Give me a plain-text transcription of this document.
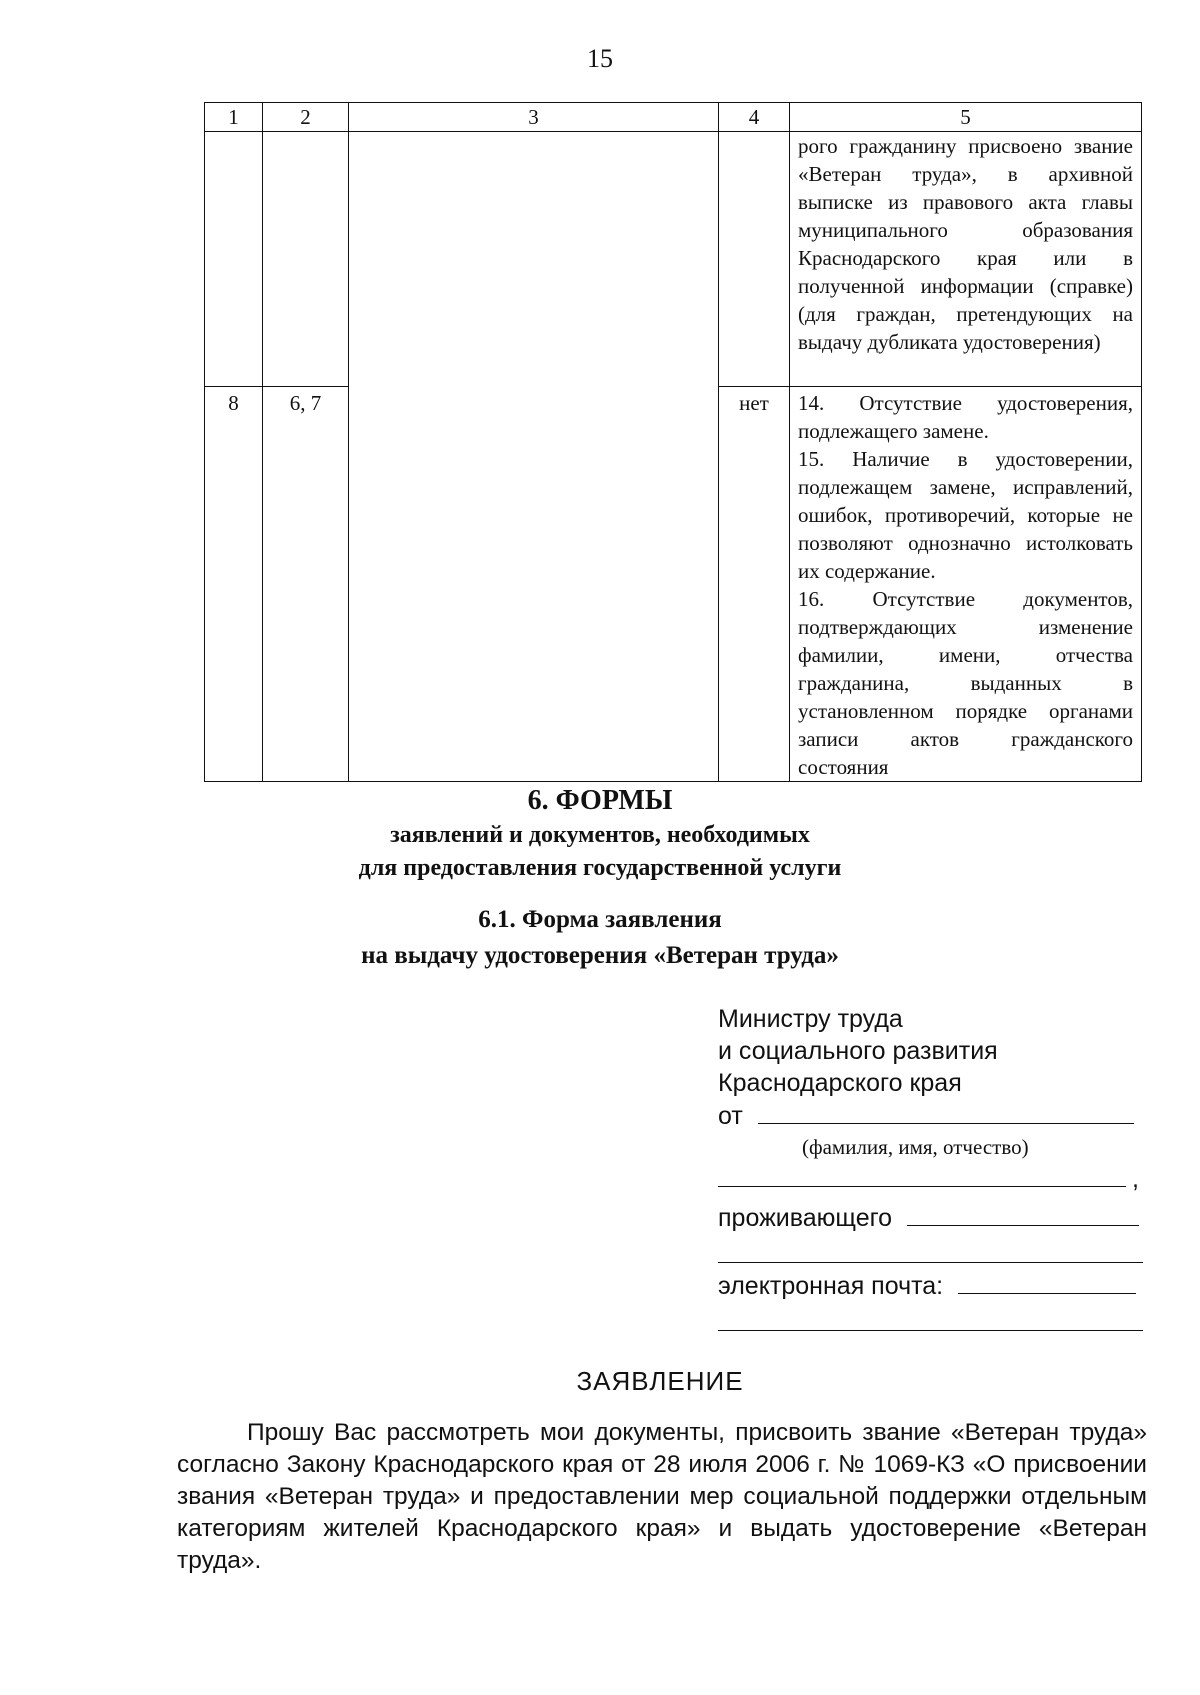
15
1	2	3	4	5
				рого гражданину присвоено звание «Ветеран труда», в архивной выписке из правового акта главы муниципального образования Краснодарского края или в полученной информации (справке) (для граждан, претендующих на выдачу дубликата удостоверения)
8	6, 7		нет	14. Отсутствие удостоверения, подлежащего замене.

15. Наличие в удостоверении, подлежащем замене, исправлений, ошибок, противоречий, которые не позволяют однозначно истолковать их содержание.

16. Отсутствие документов, подтверждающих изменение фамилии, имени, отчества гражданина, выданных в установленном порядке органами записи актов гражданского состояния

6. ФОРМЫ
заявлений и документов, необходимых
для предоставления государственной услуги
6.1. Форма заявления
на выдачу удостоверения «Ветеран труда»
Министру труда
и социального развития
Краснодарского края
от
(фамилия, имя, отчество)
,
проживающего
электронная почта:
ЗАЯВЛЕНИЕ

Прошу Вас рассмотреть мои документы, присвоить звание «Ветеран труда» согласно Закону Краснодарского края от 28 июля 2006 г. № 1069-КЗ «О присвоении звания «Ветеран труда» и предоставлении мер социальной поддержки отдельным категориям жителей Краснодарского края» и выдать удостоверение «Ветеран труда».
